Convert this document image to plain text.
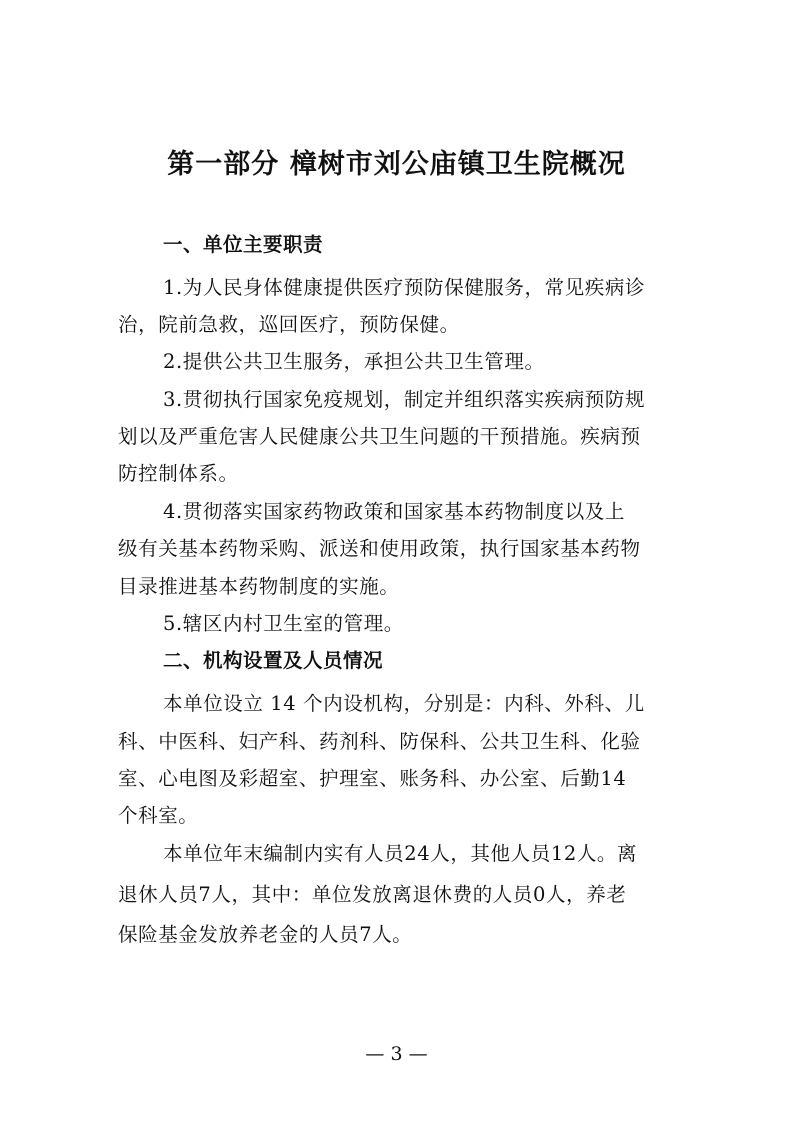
第一部分 樟树市刘公庙镇卫生院概况
一、单位主要职责
1.为人民身体健康提供医疗预防保健服务，常见疾病诊
治，院前急救，巡回医疗，预防保健。
2.提供公共卫生服务，承担公共卫生管理。
3.贯彻执行国家免疫规划，制定并组织落实疾病预防规
划以及严重危害人民健康公共卫生问题的干预措施。疾病预
防控制体系。
4.贯彻落实国家药物政策和国家基本药物制度以及上
级有关基本药物采购、派送和使用政策，执行国家基本药物
目录推进基本药物制度的实施。
5.辖区内村卫生室的管理。
二、机构设置及人员情况
本单位设立 14 个内设机构，分别是：内科、外科、儿
科、中医科、妇产科、药剂科、防保科、公共卫生科、化验
室、心电图及彩超室、护理室、账务科、办公室、后勤14
个科室。
本单位年末编制内实有人员24人，其他人员12人。离
退休人员7人，其中：单位发放离退休费的人员0人，养老
保险基金发放养老金的人员7人。
— 3 —
